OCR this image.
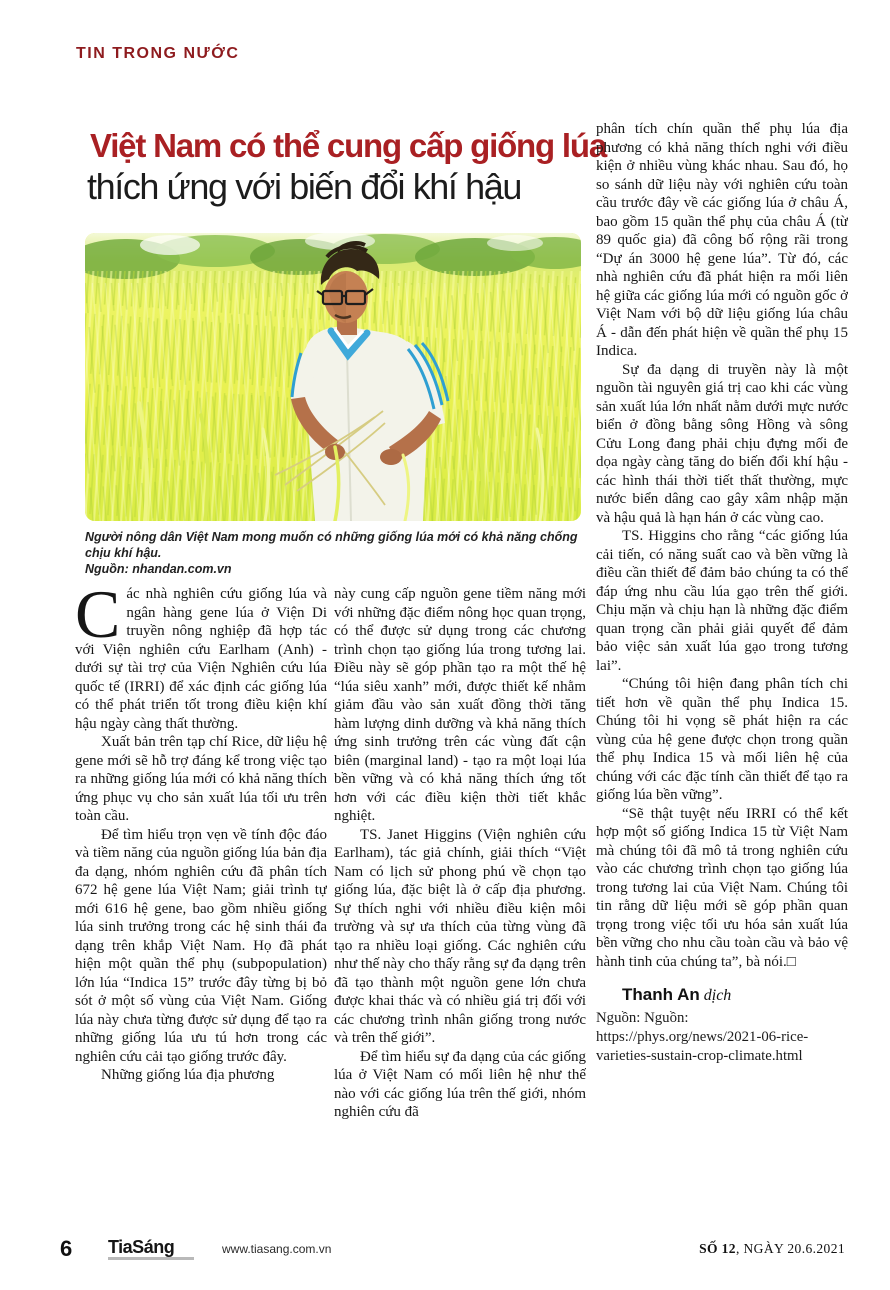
TIN TRONG NƯỚC
Việt Nam có thể cung cấp giống lúa
thích ứng với biến đổi khí hậu
Người nông dân Việt Nam mong muốn có những giống lúa mới có khả năng chống chịu khí hậu.
Nguồn: nhandan.com.vn

Các nhà nghiên cứu giống lúa và ngân hàng gene lúa ở Viện Di truyền nông nghiệp đã hợp tác với Viện nghiên cứu Earlham (Anh) - dưới sự tài trợ của Viện Nghiên cứu lúa quốc tế (IRRI) để xác định các giống lúa có thể phát triển tốt trong điều kiện khí hậu ngày càng thất thường.

Xuất bản trên tạp chí Rice, dữ liệu hệ gene mới sẽ hỗ trợ đáng kể trong việc tạo ra những giống lúa mới có khả năng thích ứng phục vụ cho sản xuất lúa tối ưu trên toàn cầu.

Để tìm hiểu trọn vẹn về tính độc đáo và tiềm năng của nguồn giống lúa bản địa đa dạng, nhóm nghiên cứu đã phân tích 672 hệ gene lúa Việt Nam; giải trình tự mới 616 hệ gene, bao gồm nhiều giống lúa sinh trưởng trong các hệ sinh thái đa dạng trên khắp Việt Nam. Họ đã phát hiện một quần thể phụ (subpopulation) lớn lúa “Indica 15” trước đây từng bị bỏ sót ở một số vùng của Việt Nam. Giống lúa này chưa từng được sử dụng để tạo ra những giống lúa ưu tú hơn trong các nghiên cứu cải tạo giống trước đây.

Những giống lúa địa phương

này cung cấp nguồn gene tiềm năng mới với những đặc điểm nông học quan trọng, có thể được sử dụng trong các chương trình chọn tạo giống lúa trong tương lai. Điều này sẽ góp phần tạo ra một thế hệ “lúa siêu xanh” mới, được thiết kế nhằm giảm đầu vào sản xuất đồng thời tăng hàm lượng dinh dưỡng và khả năng thích ứng sinh trưởng trên các vùng đất cận biên (marginal land) - tạo ra một loại lúa bền vững và có khả năng thích ứng tốt hơn với các điều kiện thời tiết khắc nghiệt.

TS. Janet Higgins (Viện nghiên cứu Earlham), tác giả chính, giải thích “Việt Nam có lịch sử phong phú về chọn tạo giống lúa, đặc biệt là ở cấp địa phương. Sự thích nghi với nhiều điều kiện môi trường và sự ưa thích của từng vùng đã tạo ra nhiều loại giống. Các nghiên cứu như thế này cho thấy rằng sự đa dạng trên đã tạo thành một nguồn gene lớn chưa được khai thác và có nhiều giá trị đối với các chương trình nhân giống trong nước và trên thế giới”.

Để tìm hiểu sự đa dạng của các giống lúa ở Việt Nam có mối liên hệ như thế nào với các giống lúa trên thế giới, nhóm nghiên cứu đã

phân tích chín quần thể phụ lúa địa phương có khả năng thích nghi với điều kiện ở nhiều vùng khác nhau. Sau đó, họ so sánh dữ liệu này với nghiên cứu toàn cầu trước đây về các giống lúa ở châu Á, bao gồm 15 quần thể phụ của châu Á (từ 89 quốc gia) đã công bố rộng rãi trong “Dự án 3000 hệ gene lúa”. Từ đó, các nhà nghiên cứu đã phát hiện ra mối liên hệ giữa các giống lúa mới có nguồn gốc ở Việt Nam với bộ dữ liệu giống lúa châu Á - dẫn đến phát hiện về quần thể phụ 15 Indica.

Sự đa dạng di truyền này là một nguồn tài nguyên giá trị cao khi các vùng sản xuất lúa lớn nhất nằm dưới mực nước biển ở đồng bằng sông Hồng và sông Cửu Long đang phải chịu đựng mối đe dọa ngày càng tăng do biến đổi khí hậu - các hình thái thời tiết thất thường, mực nước biển dâng cao gây xâm nhập mặn và hậu quả là hạn hán ở các vùng cao.

TS. Higgins cho rằng “các giống lúa cải tiến, có năng suất cao và bền vững là điều cần thiết để đảm bảo chúng ta có thể đáp ứng nhu cầu lúa gạo trên thế giới. Chịu mặn và chịu hạn là những đặc điểm quan trọng cần phải giải quyết để đảm bảo việc sản xuất lúa gạo trong tương lai”.

“Chúng tôi hiện đang phân tích chi tiết hơn về quần thể phụ Indica 15. Chúng tôi hi vọng sẽ phát hiện ra các vùng của hệ gene được chọn trong quần thể phụ Indica 15 và mối liên hệ của chúng với các đặc tính cần thiết để tạo ra giống lúa bền vững”.

“Sẽ thật tuyệt nếu IRRI có thể kết hợp một số giống Indica 15 từ Việt Nam mà chúng tôi đã mô tả trong nghiên cứu vào các chương trình chọn tạo giống lúa trong tương lai của Việt Nam. Chúng tôi tin rằng dữ liệu mới sẽ góp phần quan trọng trong việc tối ưu hóa sản xuất lúa bền vững cho nhu cầu toàn cầu và bảo vệ hành tinh của chúng ta”, bà nói.□

Thanh An dịch

Nguồn: Nguồn: https://phys.org/news/2021-06-rice-varieties-sustain-crop-climate.html

6 TiaSáng	www.tiasang.com.vn	SỐ 12, NGÀY 20.6.2021
